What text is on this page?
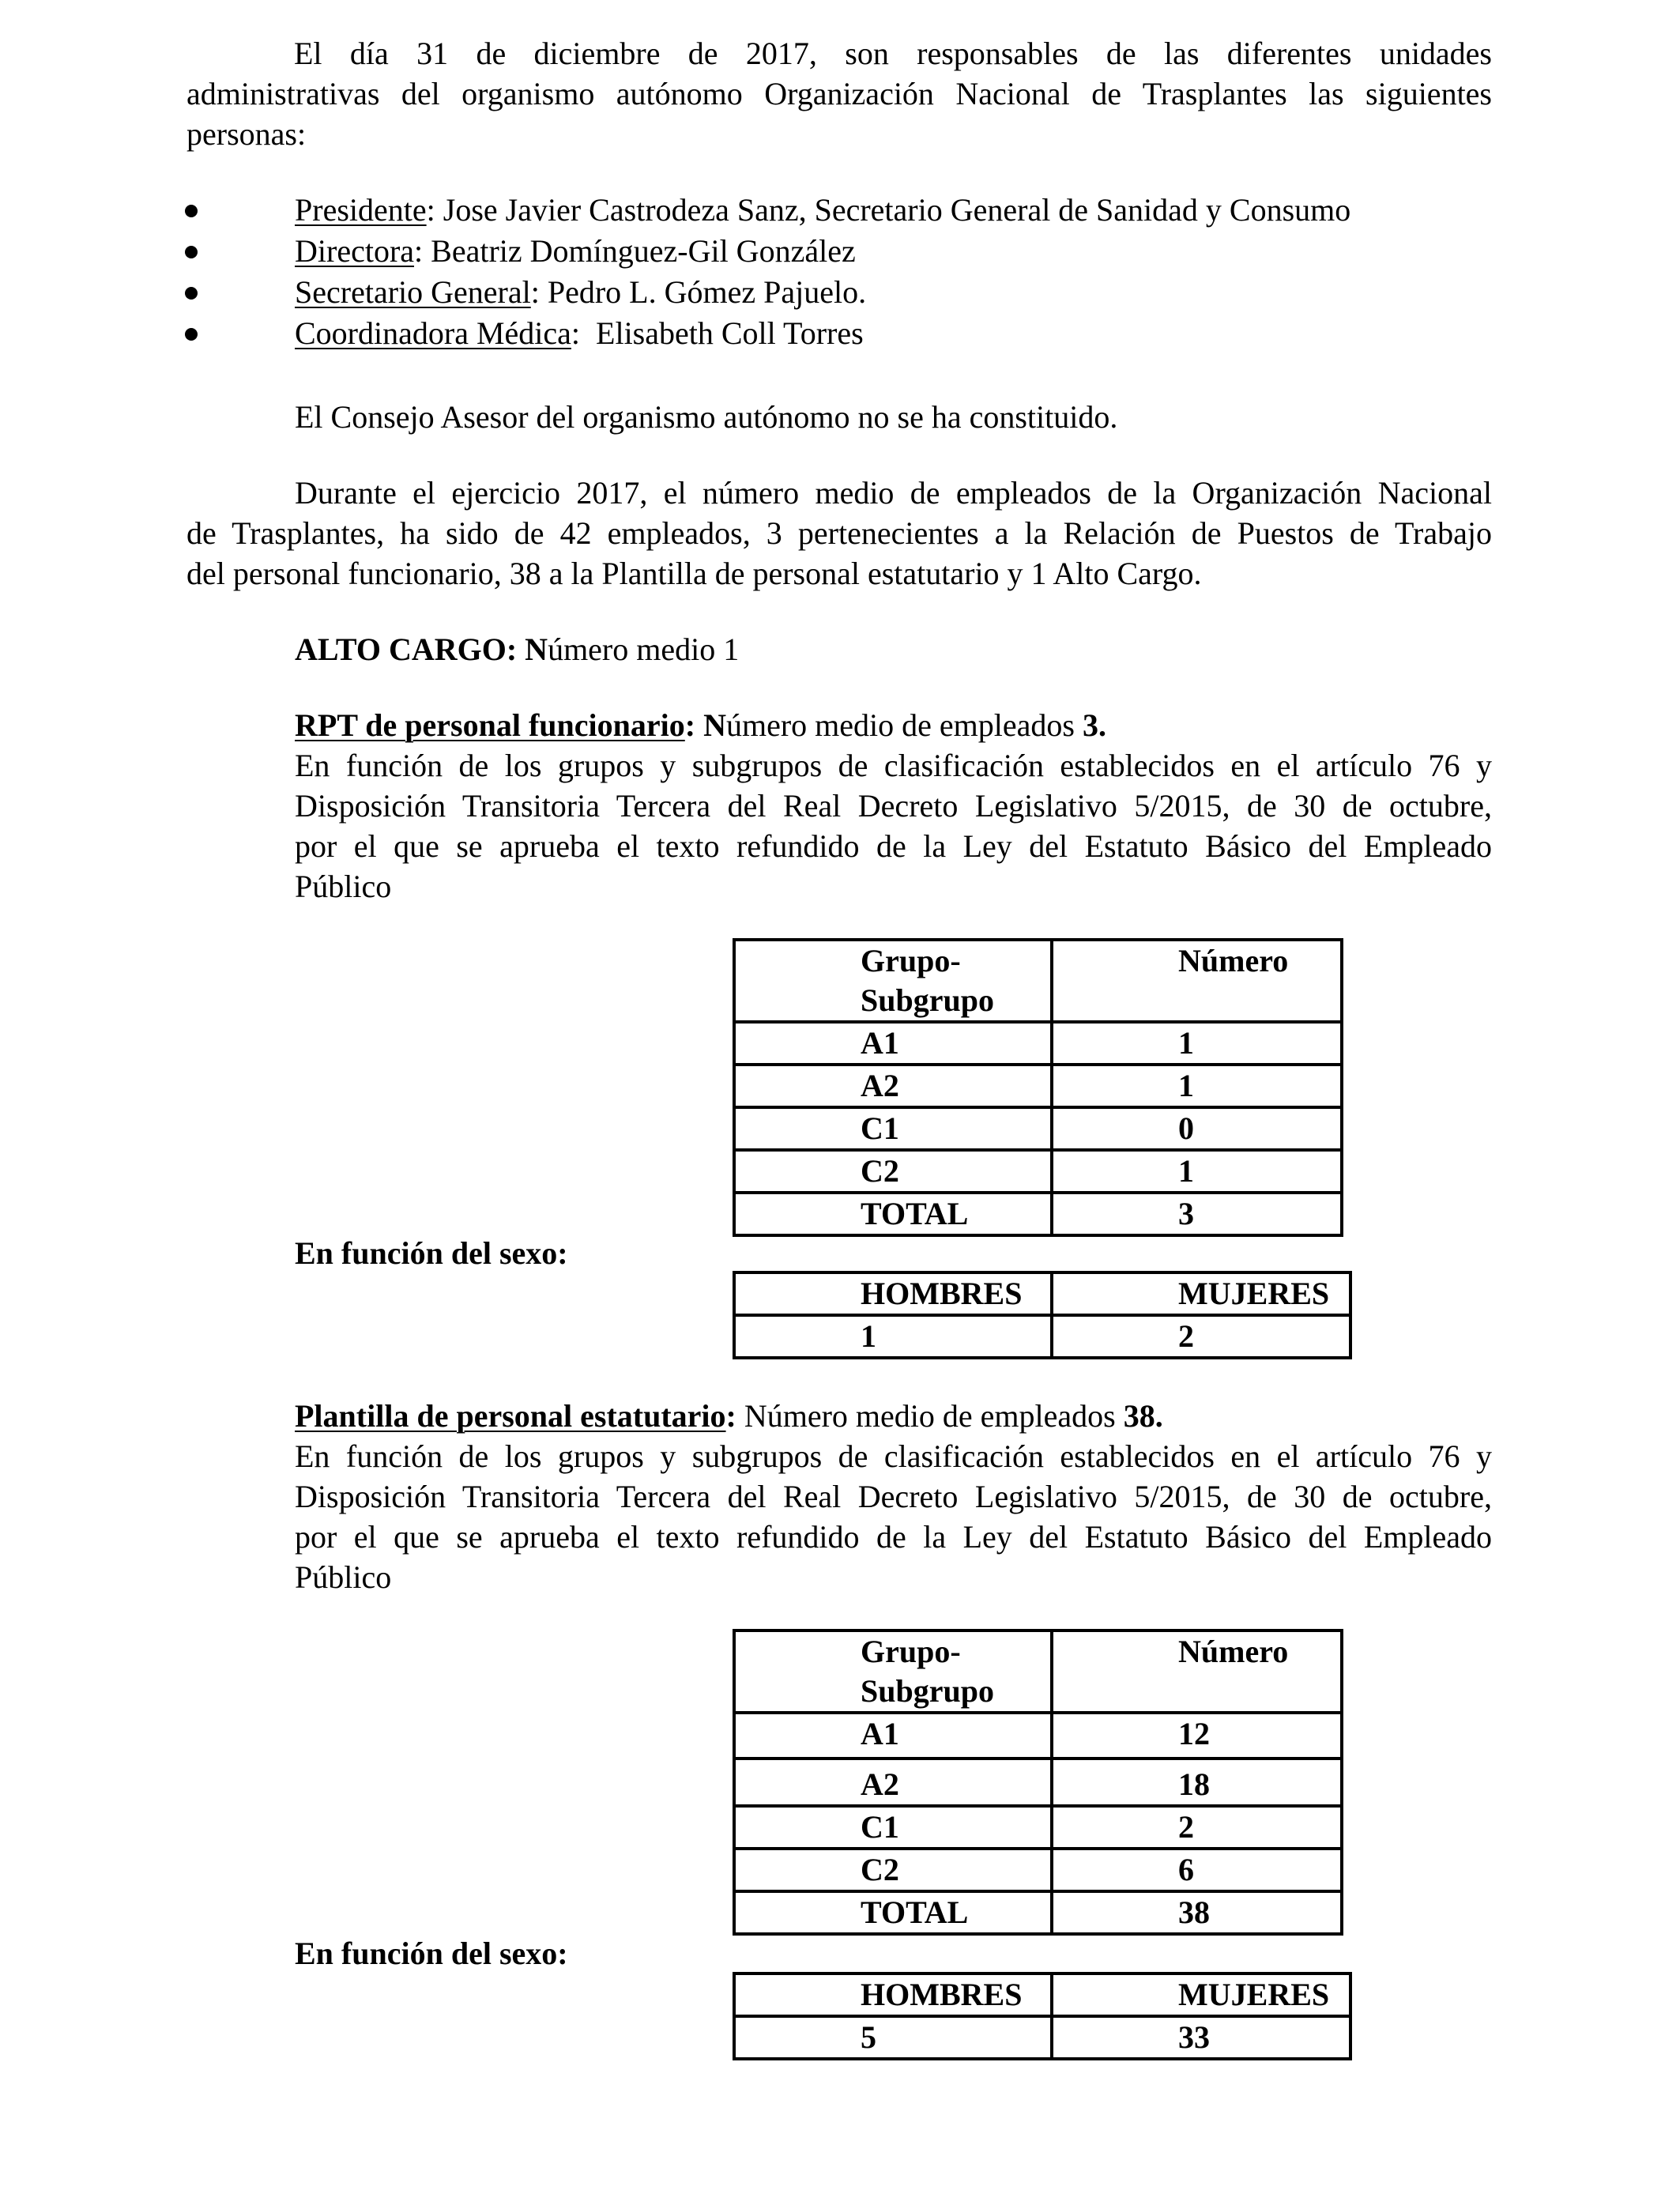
El día 31 de diciembre de 2017, son responsables de las diferentes unidades
administrativas del organismo autónomo Organización Nacional de Trasplantes las siguientes
personas:
Presidente: Jose Javier Castrodeza Sanz, Secretario General de Sanidad y Consumo
Directora: Beatriz Domínguez-Gil González
Secretario General: Pedro L. Gómez Pajuelo.
Coordinadora Médica:  Elisabeth Coll Torres
El Consejo Asesor del organismo autónomo no se ha constituido.
Durante el ejercicio 2017, el número medio de empleados de la Organización Nacional
de Trasplantes, ha sido de 42 empleados, 3 pertenecientes a la Relación de Puestos de Trabajo
del personal funcionario, 38 a la Plantilla de personal estatutario y 1 Alto Cargo.
ALTO CARGO: Número medio 1
RPT de personal funcionario: Número medio de empleados 3.
En función de los grupos y subgrupos de clasificación establecidos en el artículo 76 y
Disposición Transitoria Tercera del Real Decreto Legislativo 5/2015, de 30 de octubre,
por el que se aprueba el texto refundido de la Ley del Estatuto Básico del Empleado
Público
Grupo-
Subgrupo	Número
A1	1
A2	1
C1	0
C2	1
TOTAL	3
En función del sexo:
HOMBRES	MUJERES
1	2
Plantilla de personal estatutario: Número medio de empleados 38.
En función de los grupos y subgrupos de clasificación establecidos en el artículo 76 y
Disposición Transitoria Tercera del Real Decreto Legislativo 5/2015, de 30 de octubre,
por el que se aprueba el texto refundido de la Ley del Estatuto Básico del Empleado
Público
Grupo-
Subgrupo	Número
A1	12
A2	18
C1	2
C2	6
TOTAL	38
En función del sexo:
HOMBRES	MUJERES
5	33
